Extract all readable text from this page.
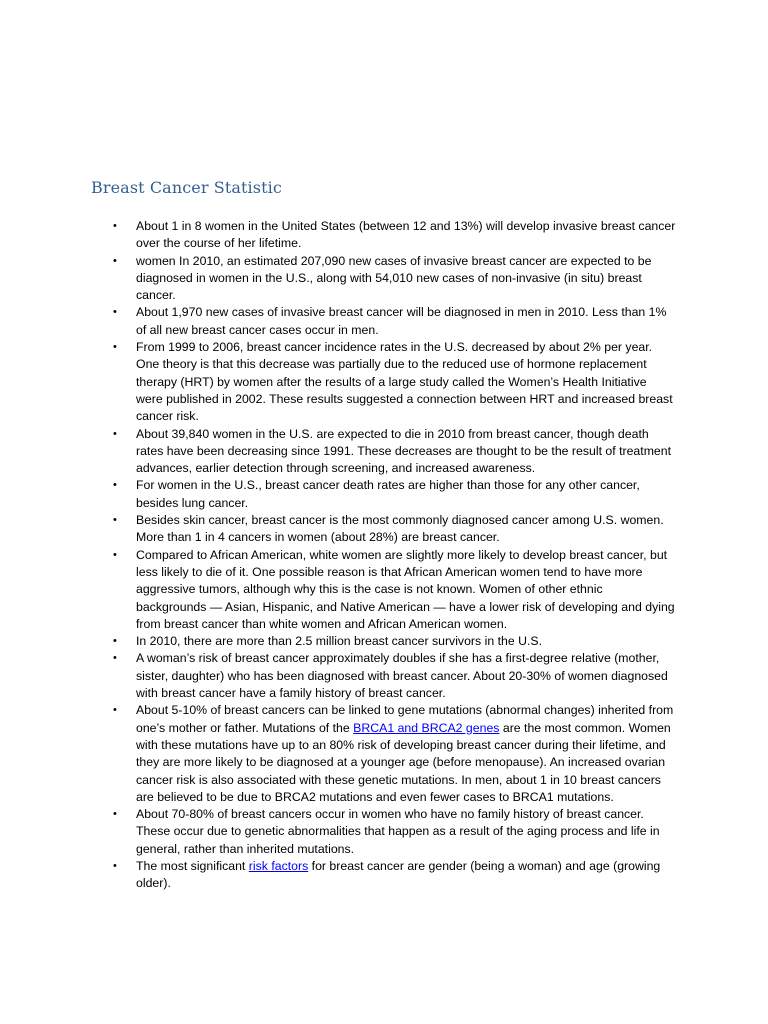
Breast Cancer Statistic
• About 1 in 8 women in the United States (between 12 and 13%) will develop invasive breast cancer over the course of her lifetime.
• women In 2010, an estimated 207,090 new cases of invasive breast cancer are expected to be diagnosed in women in the U.S., along with 54,010 new cases of non-invasive (in situ) breast cancer.
• About 1,970 new cases of invasive breast cancer will be diagnosed in men in 2010. Less than 1% of all new breast cancer cases occur in men.
• From 1999 to 2006, breast cancer incidence rates in the U.S. decreased by about 2% per year. One theory is that this decrease was partially due to the reduced use of hormone replacement therapy (HRT) by women after the results of a large study called the Women’s Health Initiative were published in 2002. These results suggested a connection between HRT and increased breast cancer risk.
• About 39,840 women in the U.S. are expected to die in 2010 from breast cancer, though death rates have been decreasing since 1991. These decreases are thought to be the result of treatment advances, earlier detection through screening, and increased awareness.
• For women in the U.S., breast cancer death rates are higher than those for any other cancer, besides lung cancer.
• Besides skin cancer, breast cancer is the most commonly diagnosed cancer among U.S. women. More than 1 in 4 cancers in women (about 28%) are breast cancer.
• Compared to African American, white women are slightly more likely to develop breast cancer, but less likely to die of it. One possible reason is that African American women tend to have more aggressive tumors, although why this is the case is not known. Women of other ethnic backgrounds — Asian, Hispanic, and Native American — have a lower risk of developing and dying from breast cancer than white women and African American women.
• In 2010, there are more than 2.5 million breast cancer survivors in the U.S.
• A woman’s risk of breast cancer approximately doubles if she has a first-degree relative (mother, sister, daughter) who has been diagnosed with breast cancer. About 20-30% of women diagnosed with breast cancer have a family history of breast cancer.
• About 5-10% of breast cancers can be linked to gene mutations (abnormal changes) inherited from one’s mother or father. Mutations of the BRCA1 and BRCA2 genes are the most common. Women with these mutations have up to an 80% risk of developing breast cancer during their lifetime, and they are more likely to be diagnosed at a younger age (before menopause). An increased ovarian cancer risk is also associated with these genetic mutations. In men, about 1 in 10 breast cancers are believed to be due to BRCA2 mutations and even fewer cases to BRCA1 mutations.
• About 70-80% of breast cancers occur in women who have no family history of breast cancer. These occur due to genetic abnormalities that happen as a result of the aging process and life in general, rather than inherited mutations.
• The most significant risk factors for breast cancer are gender (being a woman) and age (growing older).
